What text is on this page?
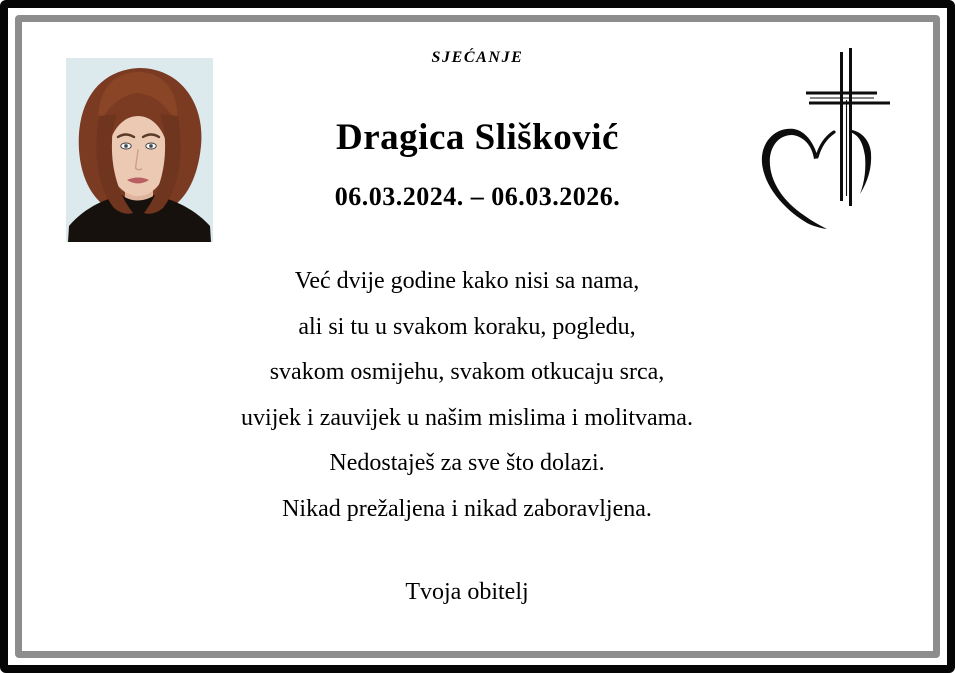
SJEĆANJE
Dragica Slišković
06.03.2024. – 06.03.2026.
Već dvije godine kako nisi sa nama,
ali si tu u svakom koraku, pogledu,
svakom osmijehu, svakom otkucaju srca,
uvijek i zauvijek u našim mislima i molitvama.
Nedostaješ za sve što dolazi.
Nikad prežaljena i nikad zaboravljena.
Tvoja obitelj
